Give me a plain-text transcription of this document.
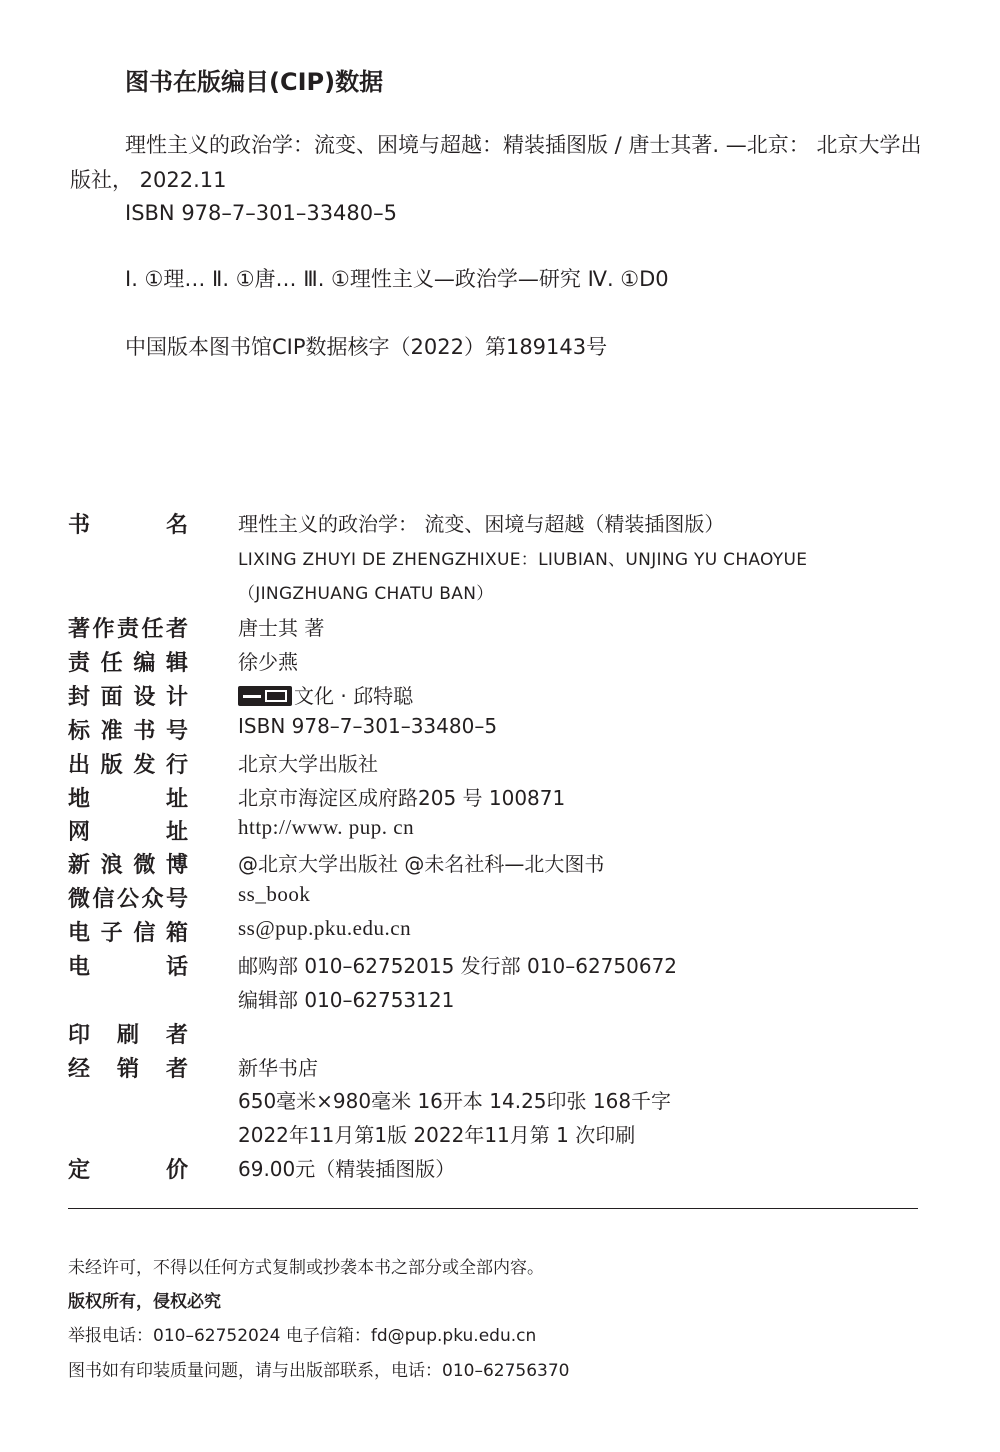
图书在版编目(CIP)数据
理性主义的政治学：流变、困境与超越：精装插图版 / 唐士其著. —北京： 北京大学出版社， 2022.11
ISBN 978–7–301–33480–5
Ⅰ. ①理… Ⅱ. ①唐… Ⅲ. ①理性主义—政治学—研究 Ⅳ. ①D0
中国版本图书馆CIP数据核字（2022）第189143号
书	名	理性主义的政治学： 流变、困境与超越（精装插图版）
LIXING ZHUYI DE ZHENGZHIXUE：LIUBIAN、UNJING YU CHAOYUE
（JINGZHUANG CHATU BAN）
著 作 责 任 者	唐士其 著
责 任 编 辑	徐少燕
封 面 设 计	文化 · 邱特聪
标 准 书 号	ISBN 978–7–301–33480–5
出 版 发 行	北京大学出版社
地	址	北京市海淀区成府路205 号 100871
网	址 http://www. pup. cn
新 浪 微 博	@北京大学出版社 @未名社科—北大图书
微 信 公 众 号 ss_book
电 子 信 箱 ss@pup.pku.edu.cn
电	话	邮购部 010–62752015 发行部 010–62750672
编辑部 010–62753121
印 刷 者
经 销 者	新华书店
650毫米×980毫米 16开本 14.25印张 168千字
2022年11月第1版 2022年11月第 1 次印刷
定	价	69.00元（精装插图版）
未经许可，不得以任何方式复制或抄袭本书之部分或全部内容。
版权所有，侵权必究
举报电话：010–62752024 电子信箱：fd@pup.pku.edu.cn
图书如有印装质量问题，请与出版部联系，电话：010–62756370
